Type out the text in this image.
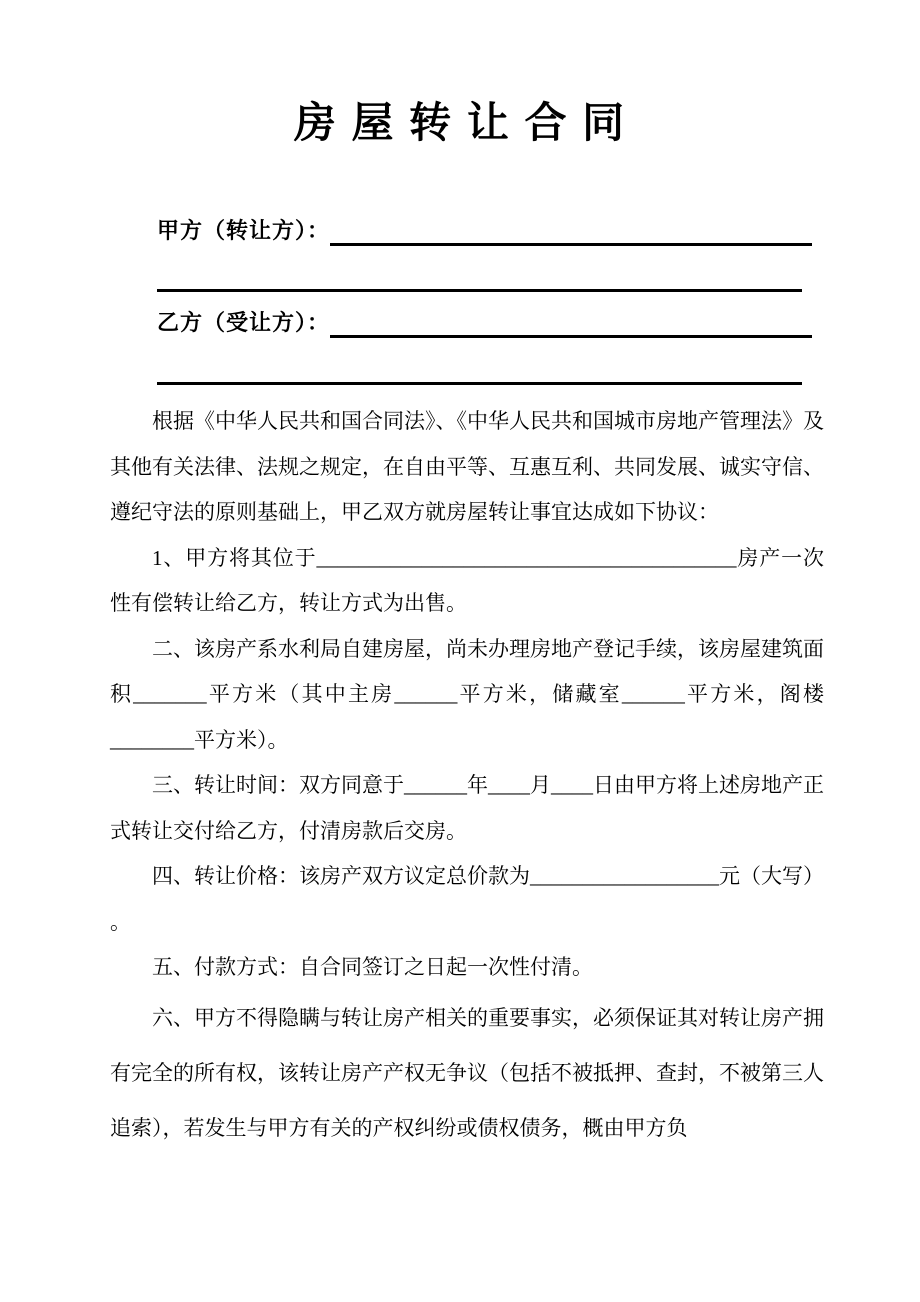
房 屋 转 让 合 同
甲方（转让方）：
乙方（受让方）：

根据《中华人民共和国合同法》、《中华人民共和国城市房地产管理法》及其他有关法律、法规之规定，在自由平等、互惠互利、共同发展、诚实守信、遵纪守法的原则基础上，甲乙双方就房屋转让事宜达成如下协议：

1、甲方将其位于________________________________________房产一次性有偿转让给乙方，转让方式为出售。

二、该房产系水利局自建房屋，尚未办理房地产登记手续，该房屋建筑面积_______平方米（其中主房______平方米，储藏室______平方米，阁楼________平方米）。

三、转让时间：双方同意于______年____月____日由甲方将上述房地产正式转让交付给乙方，付清房款后交房。

四、转让价格：该房产双方议定总价款为__________________元（大写） 。

五、付款方式：自合同签订之日起一次性付清。

六、甲方不得隐瞒与转让房产相关的重要事实，必须保证其对转让房产拥有完全的所有权，该转让房产产权无争议（包括不被抵押、查封，不被第三人追索），若发生与甲方有关的产权纠纷或债权债务，概由甲方负
